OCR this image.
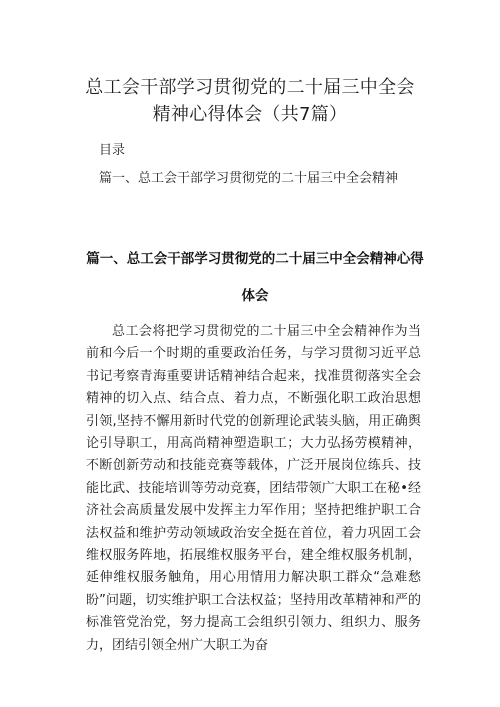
总工会干部学习贯彻党的二十届三中全会
精神心得体会（共7篇）
目录
篇一、总工会干部学习贯彻党的二十届三中全会精神
篇一、总工会干部学习贯彻党的二十届三中全会精神心得
体会

总工会将把学习贯彻党的二十届三中全会精神作为当前和今后一个时期的重要政治任务，与学习贯彻习近平总书记考察青海重要讲话精神结合起来，找准贯彻落实全会精神的切入点、结合点、着力点，不断强化职工政治思想引领,坚持不懈用新时代党的创新理论武装头脑，用正确舆论引导职工，用高尚精神塑造职工；大力弘扬劳模精神，不断创新劳动和技能竞赛等载体，广泛开展岗位练兵、技能比武、技能培训等劳动竞赛，团结带领广大职工在秘•经济社会高质量发展中发挥主力军作用；坚持把维护职工合法权益和维护劳动领域政治安全挺在首位，着力巩固工会维权服务阵地，拓展维权服务平台，建全维权服务机制，延伸维权服务触角，用心用情用力解决职工群众“急难愁盼”问题，切实维护职工合法权益；坚持用改革精神和严的标准管党治党，努力提高工会组织引领力、组织力、服务力，团结引领全州广大职工为奋
